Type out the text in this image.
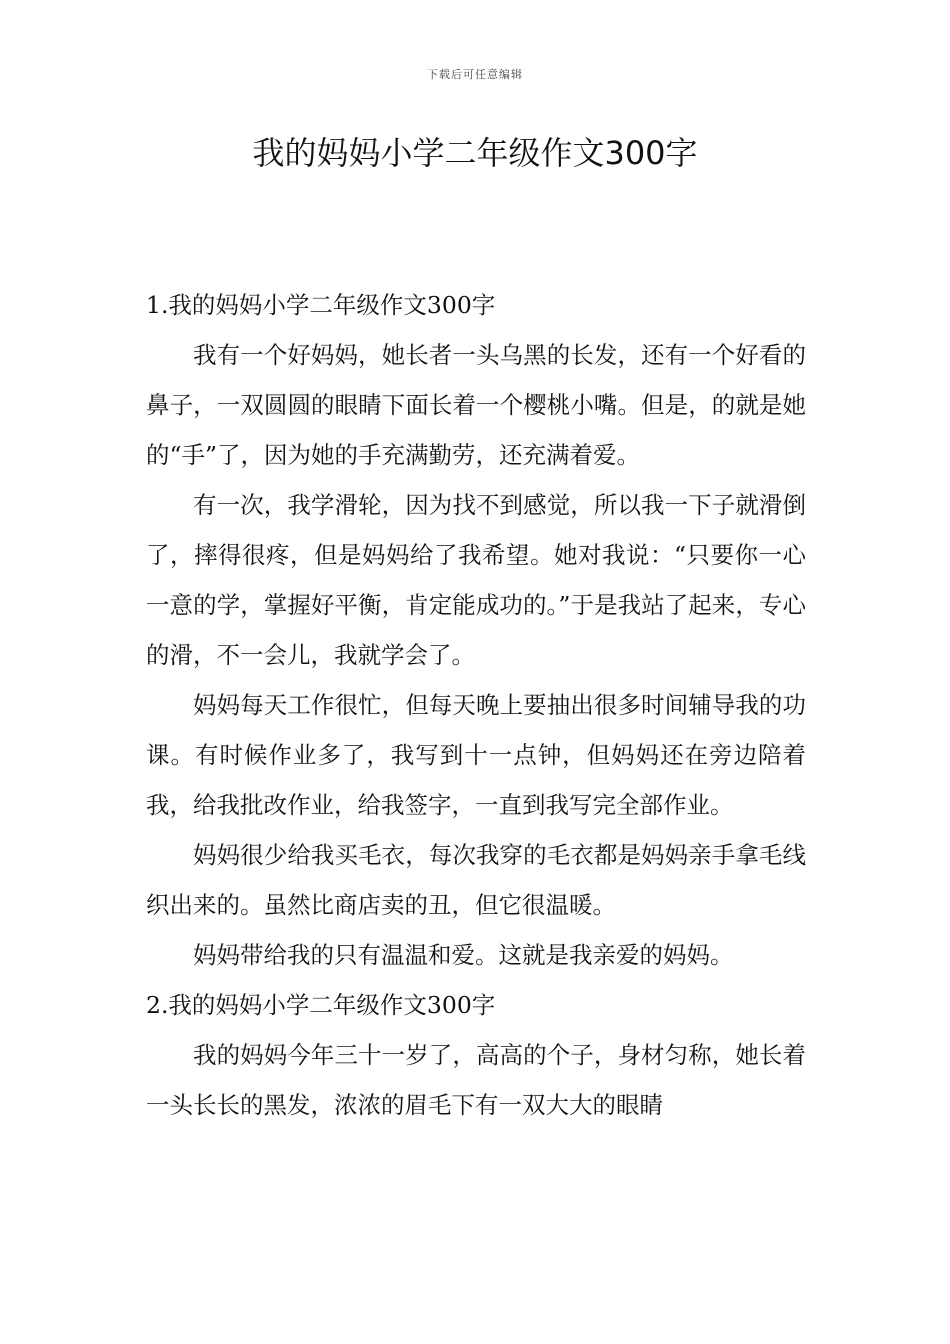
下载后可任意编辑
我的妈妈小学二年级作文300字

1.我的妈妈小学二年级作文300字

我有一个好妈妈，她长者一头乌黑的长发，还有一个好看的鼻子，一双圆圆的眼睛下面长着一个樱桃小嘴。但是，的就是她的“手”了，因为她的手充满勤劳，还充满着爱。

有一次，我学滑轮，因为找不到感觉，所以我一下子就滑倒了，摔得很疼，但是妈妈给了我希望。她对我说：“只要你一心一意的学，掌握好平衡，肯定能成功的。”于是我站了起来，专心的滑，不一会儿，我就学会了。

妈妈每天工作很忙，但每天晚上要抽出很多时间辅导我的功课。有时候作业多了，我写到十一点钟，但妈妈还在旁边陪着我，给我批改作业，给我签字，一直到我写完全部作业。

妈妈很少给我买毛衣，每次我穿的毛衣都是妈妈亲手拿毛线织出来的。虽然比商店卖的丑，但它很温暖。

妈妈带给我的只有温温和爱。这就是我亲爱的妈妈。

2.我的妈妈小学二年级作文300字

我的妈妈今年三十一岁了，高高的个子，身材匀称，她长着一头长长的黑发，浓浓的眉毛下有一双大大的眼睛
